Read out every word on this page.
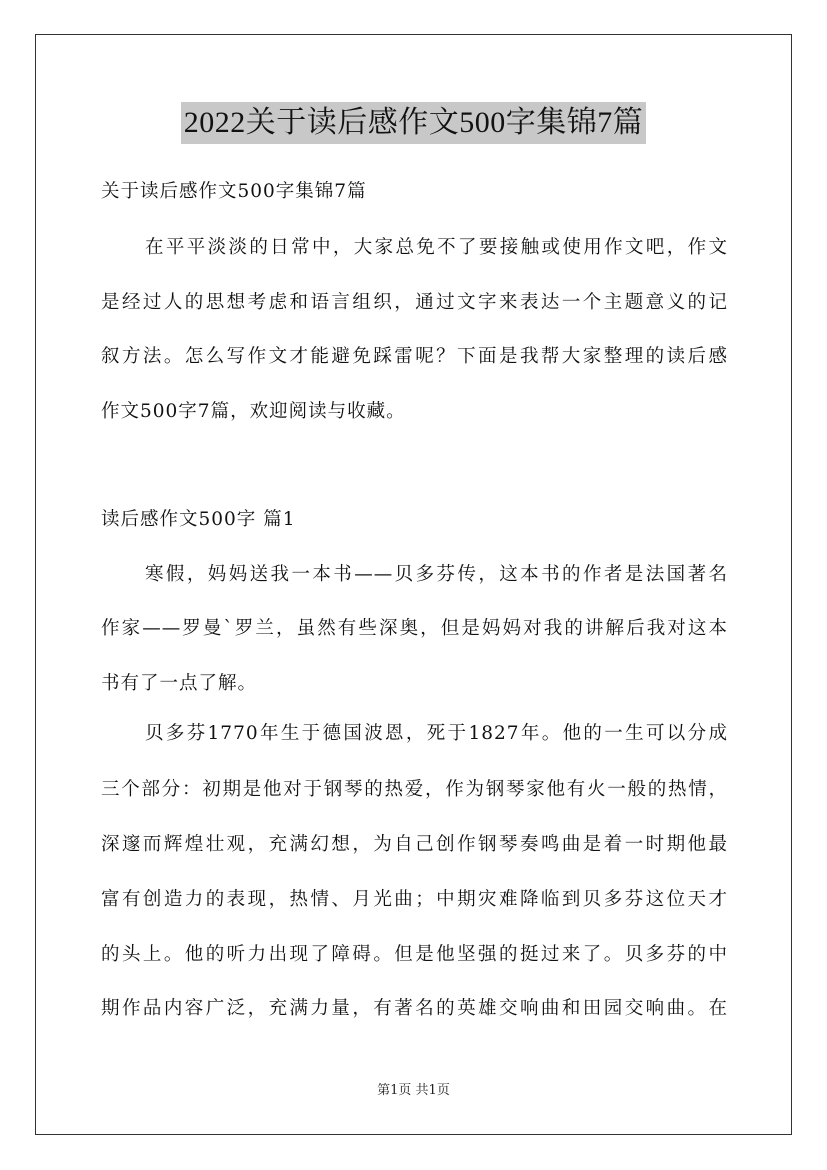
2022关于读后感作文500字集锦7篇
关于读后感作文500字集锦7篇
在平平淡淡的日常中，大家总免不了要接触或使用作文吧，作文
是经过人的思想考虑和语言组织，通过文字来表达一个主题意义的记
叙方法。怎么写作文才能避免踩雷呢？下面是我帮大家整理的读后感
作文500字7篇，欢迎阅读与收藏。
读后感作文500字 篇1
寒假，妈妈送我一本书——贝多芬传，这本书的作者是法国著名
作家——罗曼`罗兰，虽然有些深奥，但是妈妈对我的讲解后我对这本
书有了一点了解。
贝多芬1770年生于德国波恩，死于1827年。他的一生可以分成
三个部分：初期是他对于钢琴的热爱，作为钢琴家他有火一般的热情，
深邃而辉煌壮观，充满幻想，为自己创作钢琴奏鸣曲是着一时期他最
富有创造力的表现，热情、月光曲；中期灾难降临到贝多芬这位天才
的头上。他的听力出现了障碍。但是他坚强的挺过来了。贝多芬的中
期作品内容广泛，充满力量，有著名的英雄交响曲和田园交响曲。在
第1页 共1页
